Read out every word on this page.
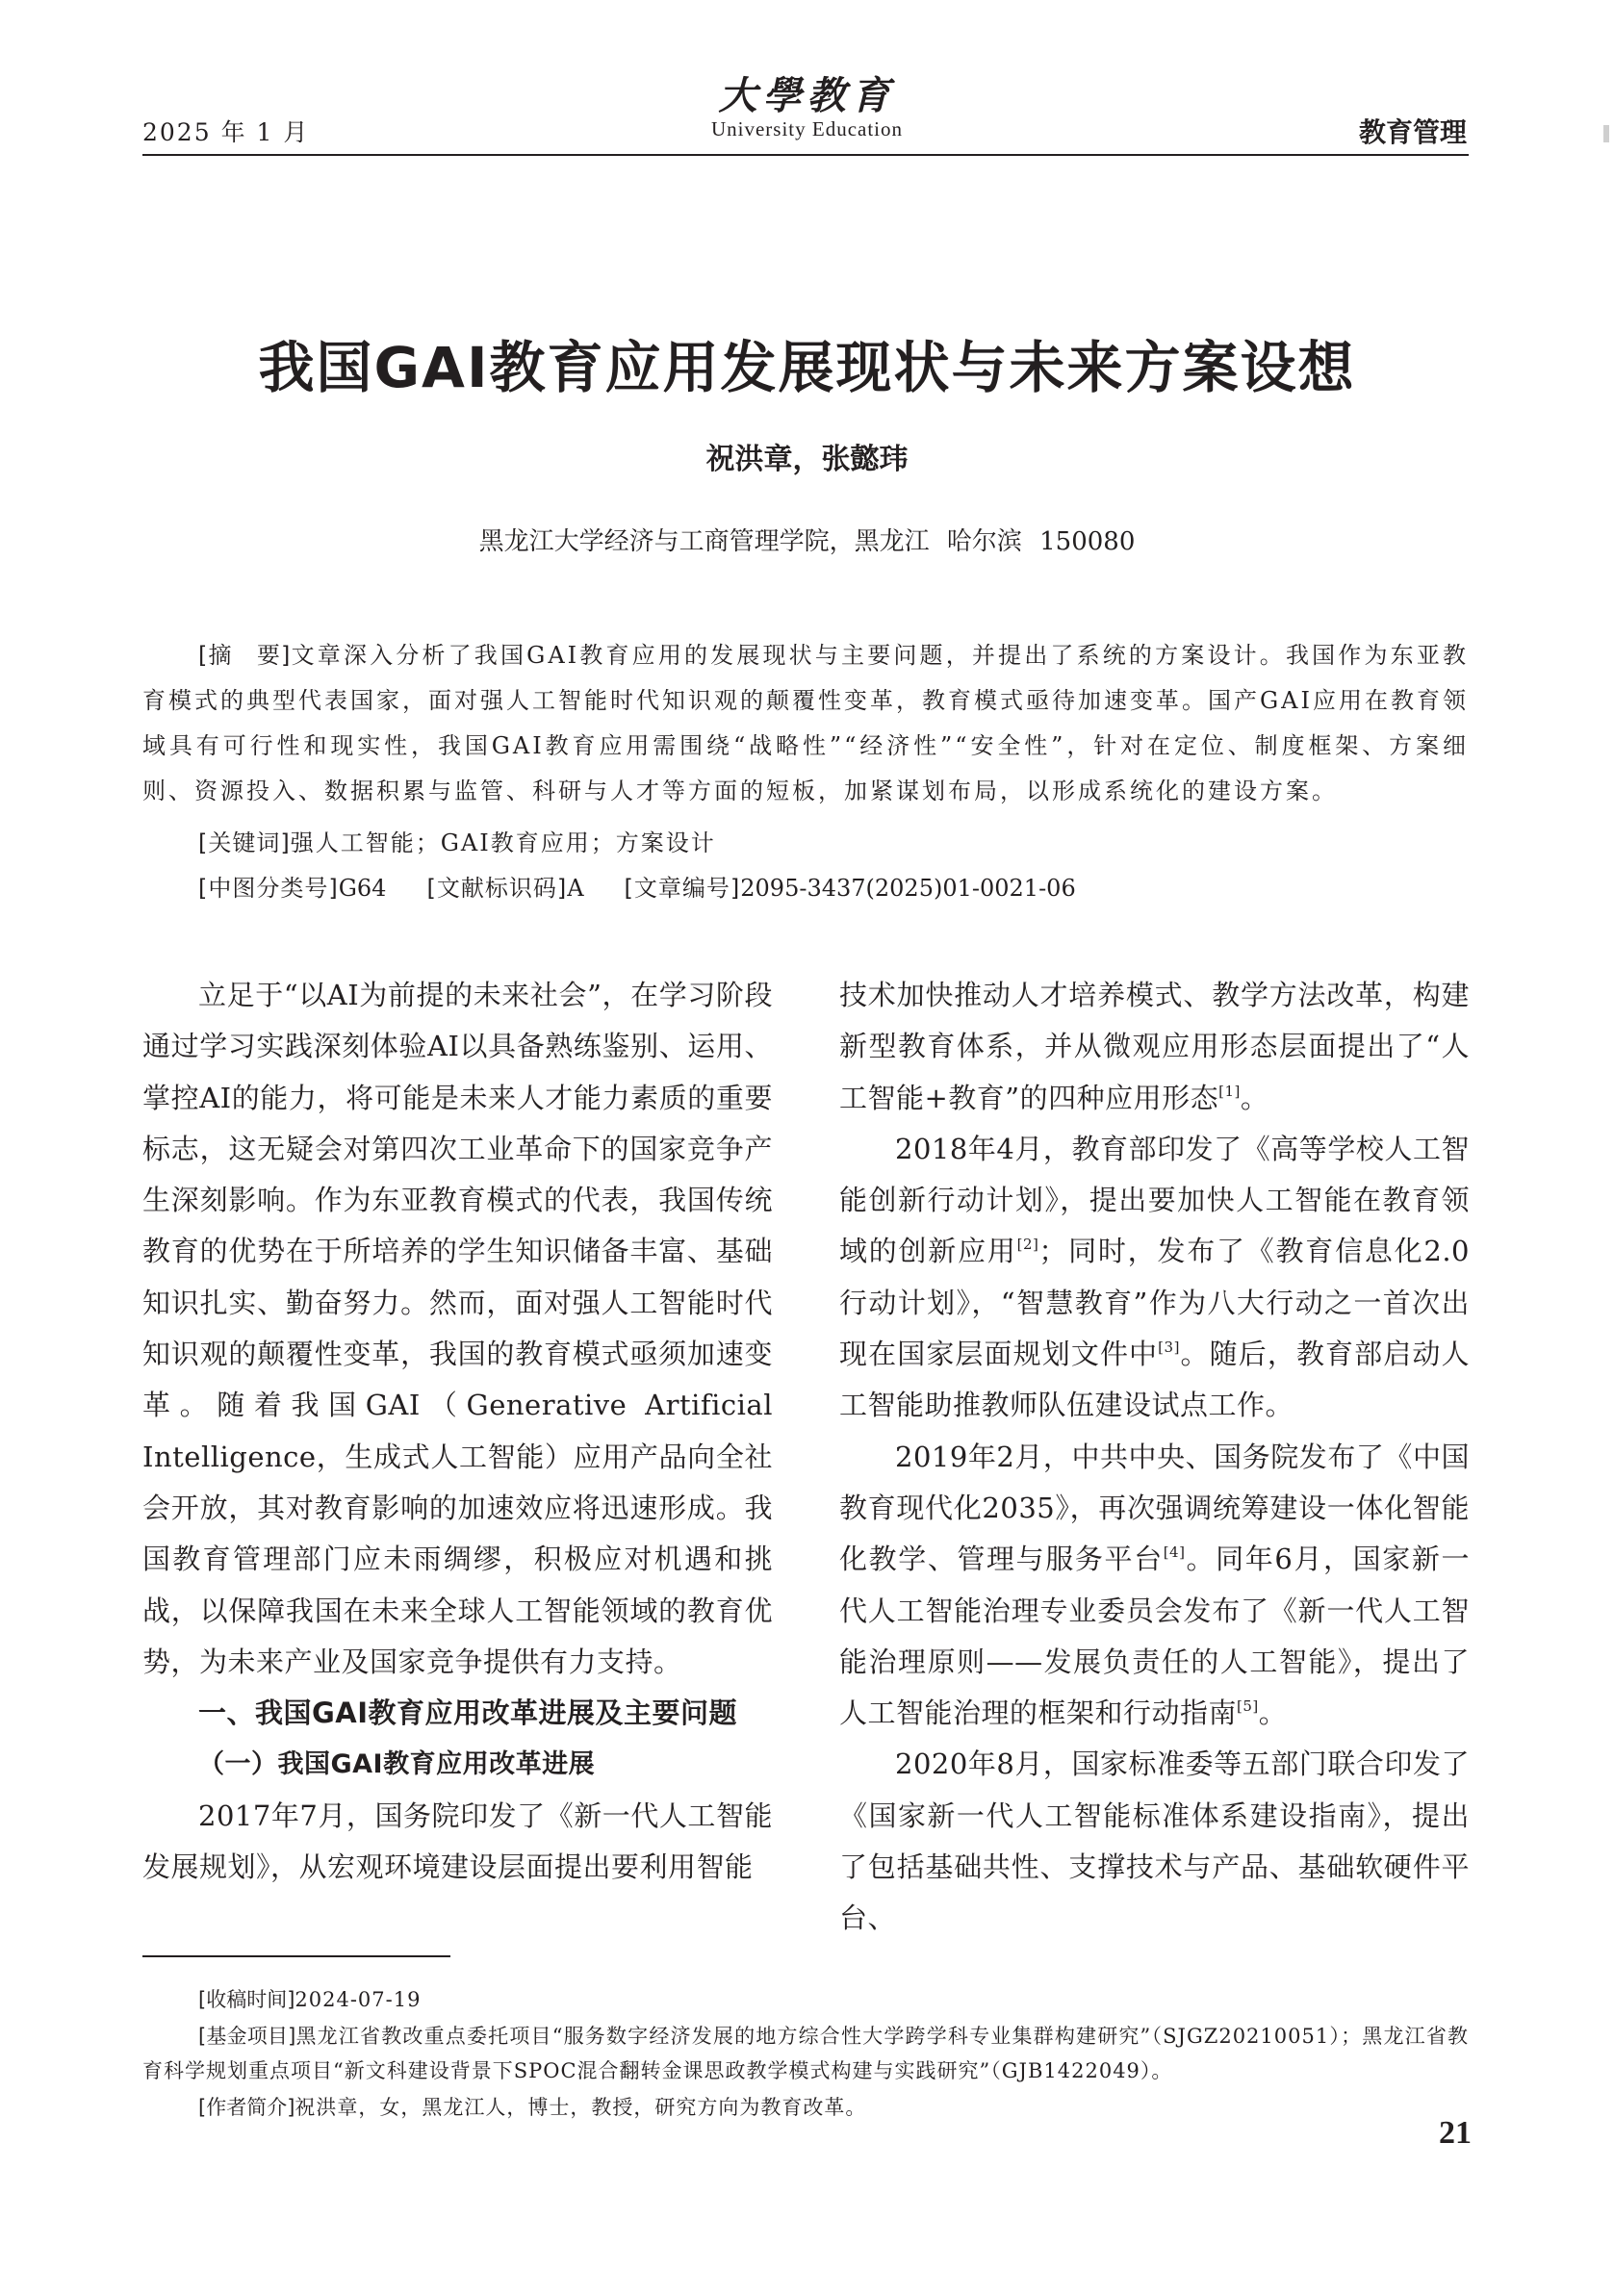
2025 年 1 月
大學教育
University Education	教育管理
我国GAI教育应用发展现状与未来方案设想
祝洪章，张懿玮
黑龙江大学经济与工商管理学院，黑龙江 哈尔滨 150080

[摘　要]文章深入分析了我国GAI教育应用的发展现状与主要问题，并提出了系统的方案设计。我国作为东亚教育模式的典型代表国家，面对强人工智能时代知识观的颠覆性变革，教育模式亟待加速变革。国产GAI应用在教育领域具有可行性和现实性，我国GAI教育应用需围绕“战略性”“经济性”“安全性”，针对在定位、制度框架、方案细则、资源投入、数据积累与监管、科研与人才等方面的短板，加紧谋划布局，以形成系统化的建设方案。

[关键词]强人工智能；GAI教育应用；方案设计
[中图分类号]G64 [文献标识码]A [文章编号]2095-3437(2025)01-0021-06

立足于“以AI为前提的未来社会”，在学习阶段通过学习实践深刻体验AI以具备熟练鉴别、运用、掌控AI的能力，将可能是未来人才能力素质的重要标志，这无疑会对第四次工业革命下的国家竞争产生深刻影响。作为东亚教育模式的代表，我国传统教育的优势在于所培养的学生知识储备丰富、基础知识扎实、勤奋努力。然而，面对强人工智能时代知识观的颠覆性变革，我国的教育模式亟须加速变革。随着我国GAI（Generative Artificial Intelligence，生成式人工智能）应用产品向全社会开放，其对教育影响的加速效应将迅速形成。我国教育管理部门应未雨绸缪，积极应对机遇和挑战，以保障我国在未来全球人工智能领域的教育优势，为未来产业及国家竞争提供有力支持。

一、我国GAI教育应用改革进展及主要问题

（一）我国GAI教育应用改革进展

2017年7月，国务院印发了《新一代人工智能发展规划》，从宏观环境建设层面提出要利用智能

技术加快推动人才培养模式、教学方法改革，构建新型教育体系，并从微观应用形态层面提出了“人工智能+教育”的四种应用形态[1]。

2018年4月，教育部印发了《高等学校人工智能创新行动计划》，提出要加快人工智能在教育领域的创新应用[2]；同时，发布了《教育信息化2.0行动计划》，“智慧教育”作为八大行动之一首次出现在国家层面规划文件中[3]。随后，教育部启动人工智能助推教师队伍建设试点工作。

2019年2月，中共中央、国务院发布了《中国教育现代化2035》，再次强调统筹建设一体化智能化教学、管理与服务平台[4]。同年6月，国家新一代人工智能治理专业委员会发布了《新一代人工智能治理原则——发展负责任的人工智能》，提出了人工智能治理的框架和行动指南[5]。

2020年8月，国家标准委等五部门联合印发了《国家新一代人工智能标准体系建设指南》，提出了包括基础共性、支撑技术与产品、基础软硬件平台、

[收稿时间]2024-07-19

[基金项目]黑龙江省教改重点委托项目“服务数字经济发展的地方综合性大学跨学科专业集群构建研究”（SJGZ20210051）；黑龙江省教育科学规划重点项目“新文科建设背景下SPOC混合翻转金课思政教学模式构建与实践研究”（GJB1422049）。

[作者简介]祝洪章，女，黑龙江人，博士，教授，研究方向为教育改革。

21
